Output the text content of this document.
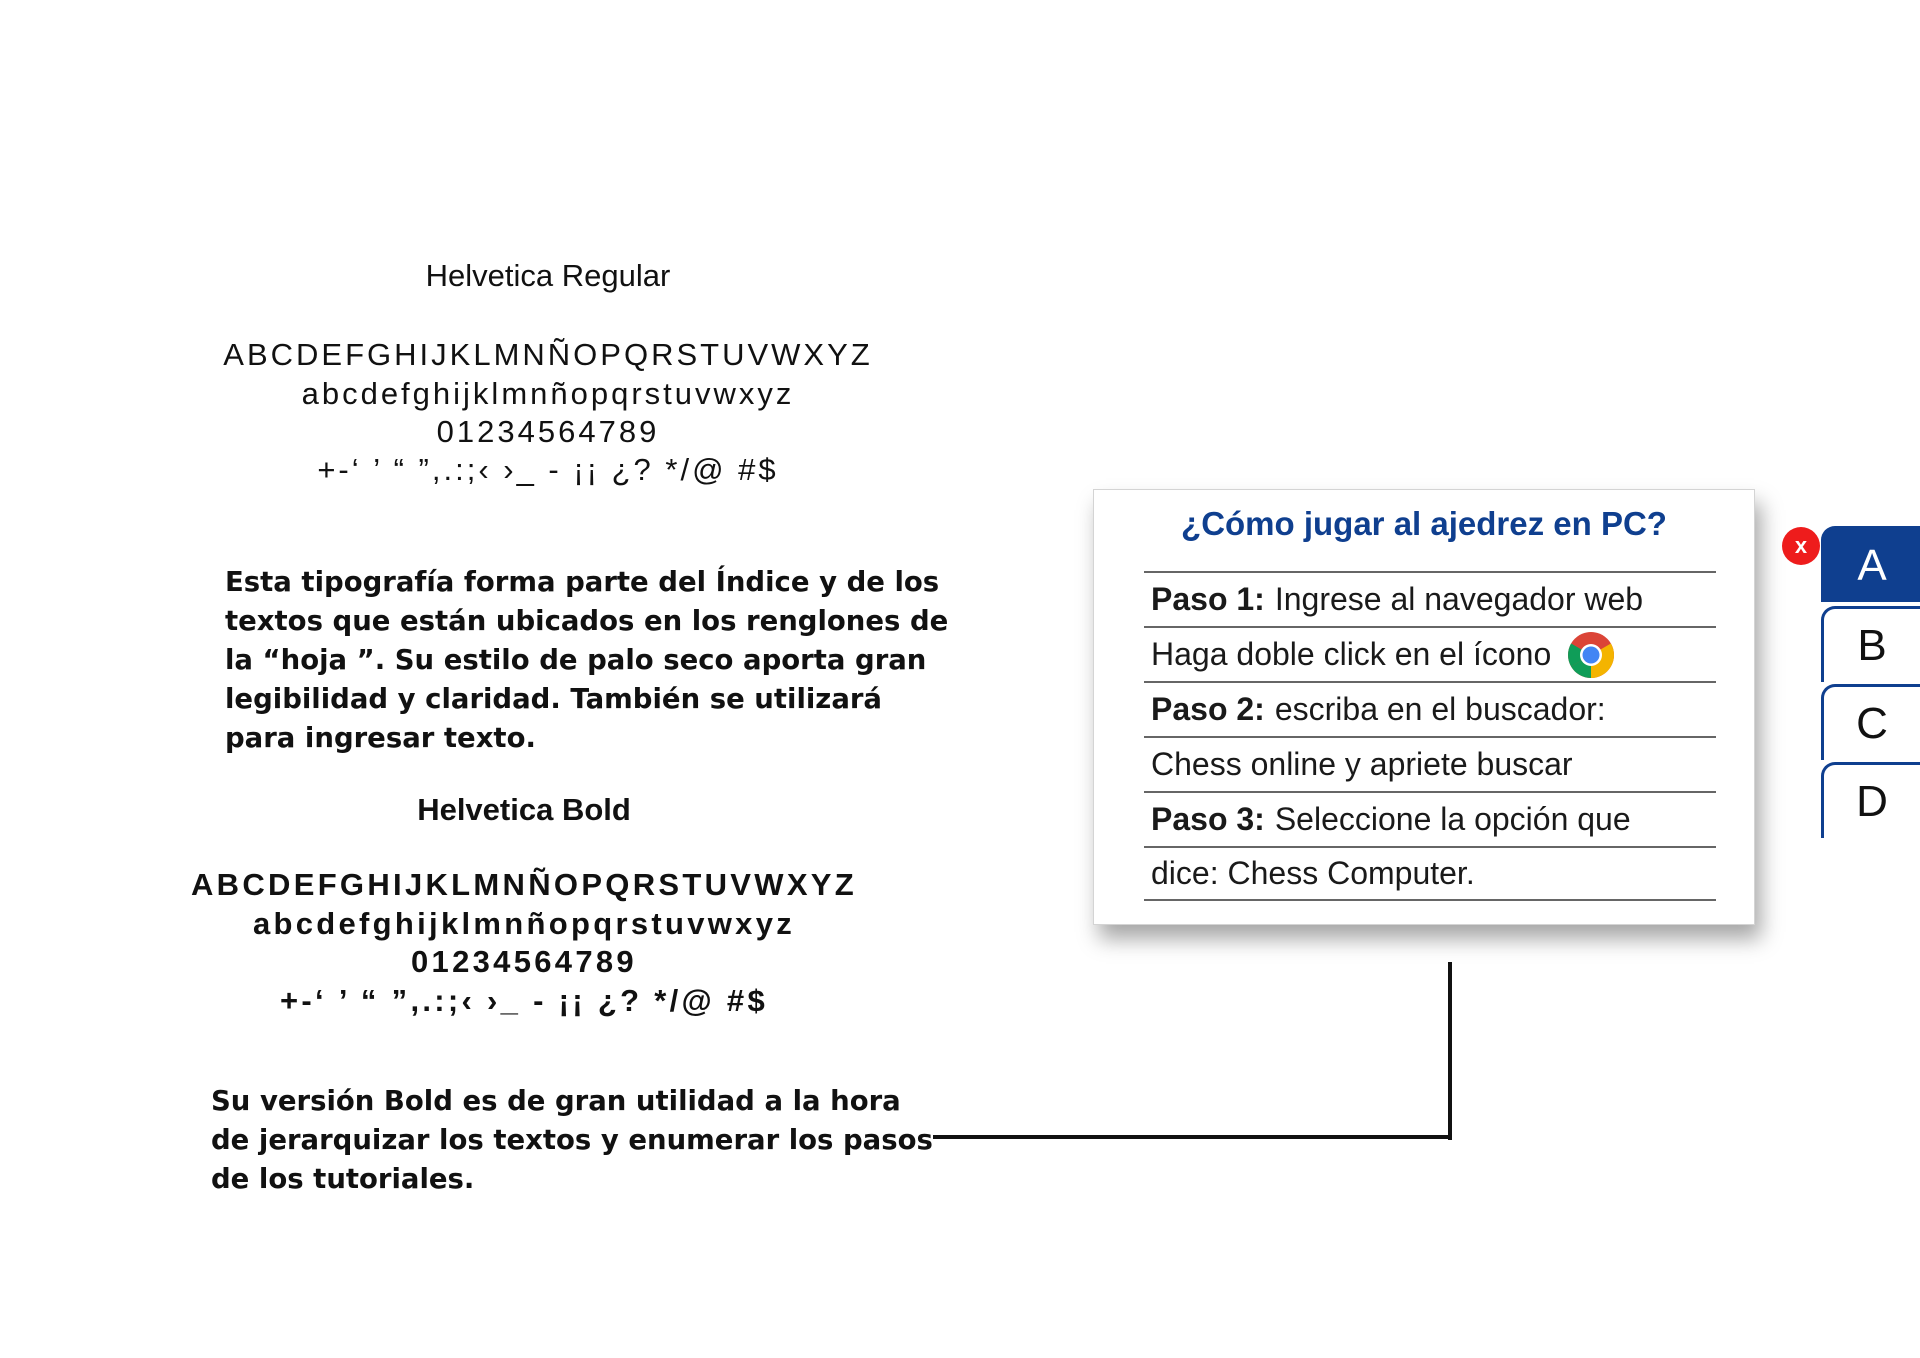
Helvetica Regular
ABCDEFGHIJKLMNÑOPQRSTUVWXYZ
abcdefghijklmnñopqrstuvwxyz
01234564789
+-‘ ’ “ ”,.:;‹ ›_ - ¡¡ ¿? */@ #$
Esta tipografía forma parte del Índice y de los
textos que están ubicados en los renglones de
la “hoja ”. Su estilo de palo seco aporta gran
legibilidad y claridad. También se utilizará
para ingresar texto.
Helvetica Bold
ABCDEFGHIJKLMNÑOPQRSTUVWXYZ
abcdefghijklmnñopqrstuvwxyz
01234564789
+-‘ ’ “ ”,.:;‹ ›_ - ¡¡ ¿? */@ #$
Su versión Bold es de gran utilidad a la hora
de jerarquizar los textos y enumerar los pasos
de los tutoriales.
¿Cómo jugar al ajedrez en PC?
Paso 1: Ingrese al navegador web
Haga doble click en el ícono
Paso 2: escriba en el buscador:
Chess online y apriete buscar
Paso 3: Seleccione la opción que
dice: Chess Computer.
x
D
C
B
A
